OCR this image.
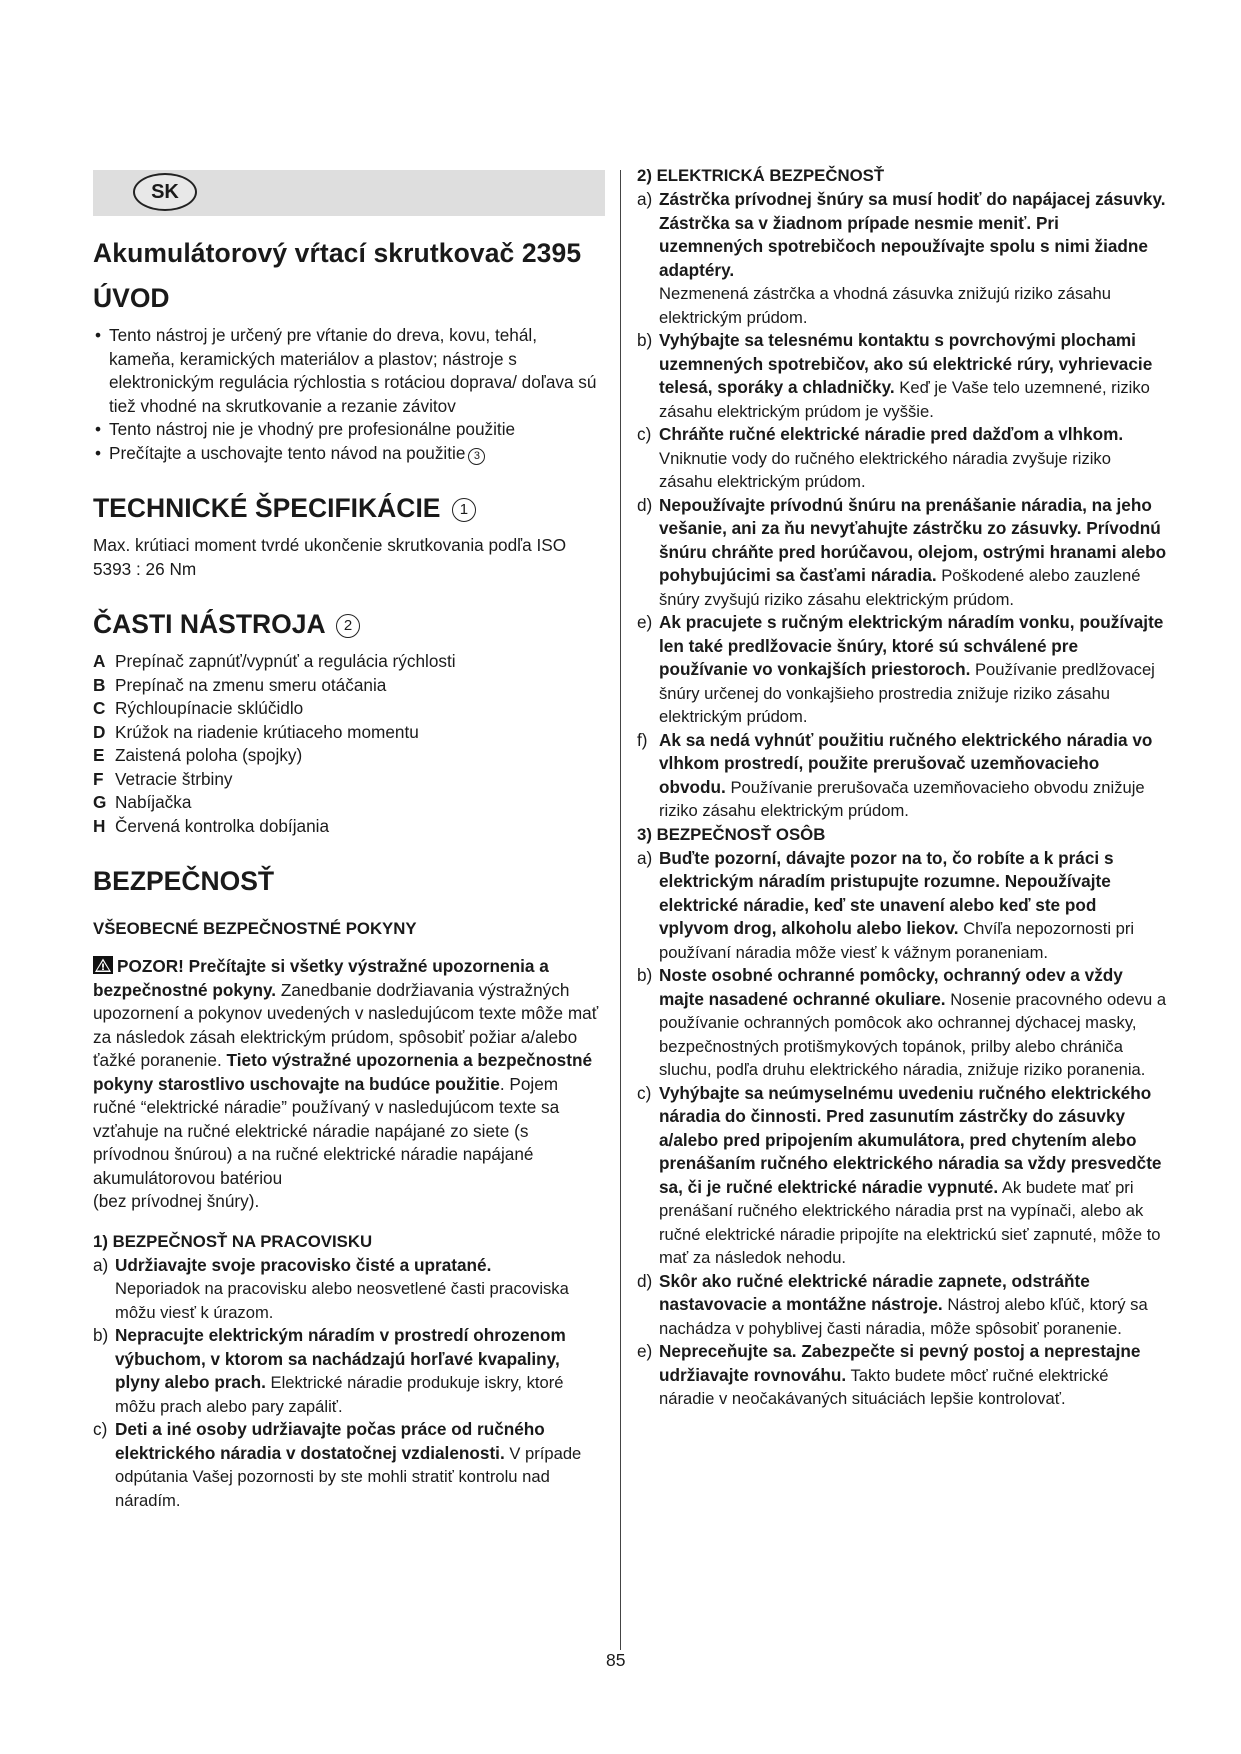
SK
Akumulátorový vŕtací skrutkovač 2395
ÚVOD
• Tento nástroj je určený pre vŕtanie do dreva, kovu, tehál, kameňa, keramických materiálov a plastov; nástroje s elektronickým regulácia rýchlostia s rotáciou doprava/ doľava sú tiež vhodné na skrutkovanie a rezanie závitov
• Tento nástroj nie je vhodný pre profesionálne použitie
• Prečítajte a uschovajte tento návod na použitie 3
TECHNICKÉ ŠPECIFIKÁCIE 1

Max. krútiaci moment tvrdé ukončenie skrutkovania podľa ISO 5393 : 26 Nm

ČASTI NÁSTROJA 2
A Prepínač zapnúť/vypnúť a regulácia rýchlosti
B Prepínač na zmenu smeru otáčania
C Rýchloupínacie sklúčidlo
D Krúžok na riadenie krútiaceho momentu
E Zaistená poloha (spojky)
F Vetracie štrbiny
G Nabíjačka
H Červená kontrolka dobíjania
BEZPEČNOSŤ
VŠEOBECNÉ BEZPEČNOSTNÉ POKYNY

POZOR! Prečítajte si všetky výstražné upozornenia a bezpečnostné pokyny. Zanedbanie dodržiavania výstražných upozornení a pokynov uvedených v nasledujúcom texte môže mať za následok zásah elektrickým prúdom, spôsobiť požiar a/alebo ťažké poranenie. Tieto výstražné upozornenia a bezpečnostné pokyny starostlivo uschovajte na budúce použitie. Pojem ručné “elektrické náradie” používaný v nasledujúcom texte sa vzťahuje na ručné elektrické náradie napájané zo siete (s prívodnou šnúrou) a na ručné elektrické náradie napájané akumulátorovou batériou
(bez prívodnej šnúry).

1) BEZPEČNOSŤ NA PRACOVISKU
a) Udržiavajte svoje pracovisko čisté a upratané.
Neporiadok na pracovisku alebo neosvetlené časti pracoviska môžu viesť k úrazom.
b) Nepracujte elektrickým náradím v prostredí ohrozenom výbuchom, v ktorom sa nachádzajú horľavé kvapaliny, plyny alebo prach. Elektrické náradie produkuje iskry, ktoré môžu prach alebo pary zapáliť.
c) Deti a iné osoby udržiavajte počas práce od ručného elektrického náradia v dostatočnej vzdialenosti. V prípade odpútania Vašej pozornosti by ste mohli stratiť kontrolu nad náradím.
2) ELEKTRICKÁ BEZPEČNOSŤ
a) Zástrčka prívodnej šnúry sa musí hodiť do napájacej zásuvky. Zástrčka sa v žiadnom prípade nesmie meniť. Pri uzemnených spotrebičoch nepoužívajte spolu s nimi žiadne adaptéry.
Nezmenená zástrčka a vhodná zásuvka znižujú riziko zásahu elektrickým prúdom.
b) Vyhýbajte sa telesnému kontaktu s povrchovými plochami uzemnených spotrebičov, ako sú elektrické rúry, vyhrievacie telesá, sporáky a chladničky. Keď je Vaše telo uzemnené, riziko zásahu elektrickým prúdom je vyššie.
c) Chráňte ručné elektrické náradie pred dažďom a vlhkom. Vniknutie vody do ručného elektrického náradia zvyšuje riziko zásahu elektrickým prúdom.
d) Nepoužívajte prívodnú šnúru na prenášanie náradia, na jeho vešanie, ani za ňu nevyťahujte zástrčku zo zásuvky. Prívodnú šnúru chráňte pred horúčavou, olejom, ostrými hranami alebo pohybujúcimi sa časťami náradia. Poškodené alebo zauzlené šnúry zvyšujú riziko zásahu elektrickým prúdom.
e) Ak pracujete s ručným elektrickým náradím vonku, používajte len také predlžovacie šnúry, ktoré sú schválené pre používanie vo vonkajších priestoroch. Používanie predlžovacej šnúry určenej do vonkajšieho prostredia znižuje riziko zásahu elektrickým prúdom.
f) Ak sa nedá vyhnúť použitiu ručného elektrického náradia vo vlhkom prostredí, použite prerušovač uzemňovacieho obvodu. Používanie prerušovača uzemňovacieho obvodu znižuje riziko zásahu elektrickým prúdom.
3) BEZPEČNOSŤ OSÔB
a) Buďte pozorní, dávajte pozor na to, čo robíte a k práci s elektrickým náradím pristupujte rozumne. Nepoužívajte elektrické náradie, keď ste unavení alebo keď ste pod vplyvom drog, alkoholu alebo liekov. Chvíľa nepozornosti pri používaní náradia môže viesť k vážnym poraneniam.
b) Noste osobné ochranné pomôcky, ochranný odev a vždy majte nasadené ochranné okuliare. Nosenie pracovného odevu a používanie ochranných pomôcok ako ochrannej dýchacej masky, bezpečnostných protišmykových topánok, prilby alebo chrániča sluchu, podľa druhu elektrického náradia, znižuje riziko poranenia.
c) Vyhýbajte sa neúmyselnému uvedeniu ručného elektrického náradia do činnosti. Pred zasunutím zástrčky do zásuvky a/alebo pred pripojením akumulátora, pred chytením alebo prenášaním ručného elektrického náradia sa vždy presvedčte sa, či je ručné elektrické náradie vypnuté. Ak budete mať pri prenášaní ručného elektrického náradia prst na vypínači, alebo ak ručné elektrické náradie pripojíte na elektrickú sieť zapnuté, môže to mať za následok nehodu.
d) Skôr ako ručné elektrické náradie zapnete, odstráňte nastavovacie a montážne nástroje. Nástroj alebo kľúč, ktorý sa nachádza v pohyblivej časti náradia, môže spôsobiť poranenie.
e) Nepreceňujte sa. Zabezpečte si pevný postoj a neprestajne udržiavajte rovnováhu. Takto budete môcť ručné elektrické náradie v neočakávaných situáciách lepšie kontrolovať.
85
